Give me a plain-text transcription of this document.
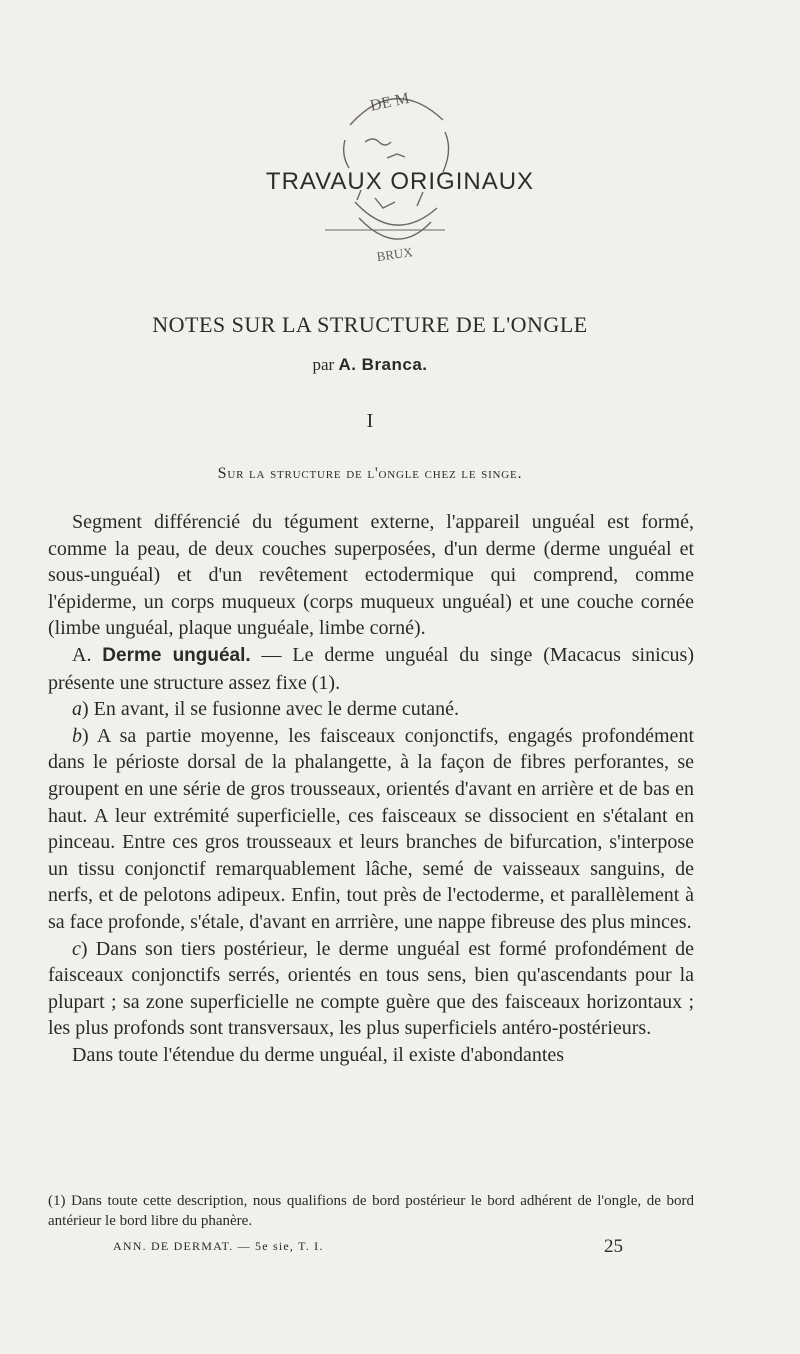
DE M
BRUX
TRAVAUX ORIGINAUX
NOTES SUR LA STRUCTURE DE L'ONGLE
par A. Branca.
I
Sur la structure de l'ongle chez le singe.

Segment différencié du tégument externe, l'appareil unguéal est formé, comme la peau, de deux couches superposées, d'un derme (derme unguéal et sous-unguéal) et d'un revêtement ectodermique qui comprend, comme l'épiderme, un corps muqueux (corps muqueux unguéal) et une couche cornée (limbe unguéal, plaque unguéale, limbe corné).

A. Derme unguéal. — Le derme unguéal du singe (Macacus sinicus) présente une structure assez fixe (1).

a) En avant, il se fusionne avec le derme cutané.

b) A sa partie moyenne, les faisceaux conjonctifs, engagés profondément dans le périoste dorsal de la phalangette, à la façon de fibres perforantes, se groupent en une série de gros trousseaux, orientés d'avant en arrière et de bas en haut. A leur extrémité superficielle, ces faisceaux se dissocient en s'étalant en pinceau. Entre ces gros trousseaux et leurs branches de bifurcation, s'interpose un tissu conjonctif remarquablement lâche, semé de vaisseaux sanguins, de nerfs, et de pelotons adipeux. Enfin, tout près de l'ectoderme, et parallèlement à sa face profonde, s'étale, d'avant en arrrière, une nappe fibreuse des plus minces.

c) Dans son tiers postérieur, le derme unguéal est formé profondément de faisceaux conjonctifs serrés, orientés en tous sens, bien qu'ascendants pour la plupart ; sa zone superficielle ne compte guère que des faisceaux horizontaux ; les plus profonds sont transversaux, les plus superficiels antéro-postérieurs.

Dans toute l'étendue du derme unguéal, il existe d'abondantes

(1) Dans toute cette description, nous qualifions de bord postérieur le bord adhérent de l'ongle, de bord antérieur le bord libre du phanère.
ANN. DE DERMAT. — 5e sie, T. I.	25
